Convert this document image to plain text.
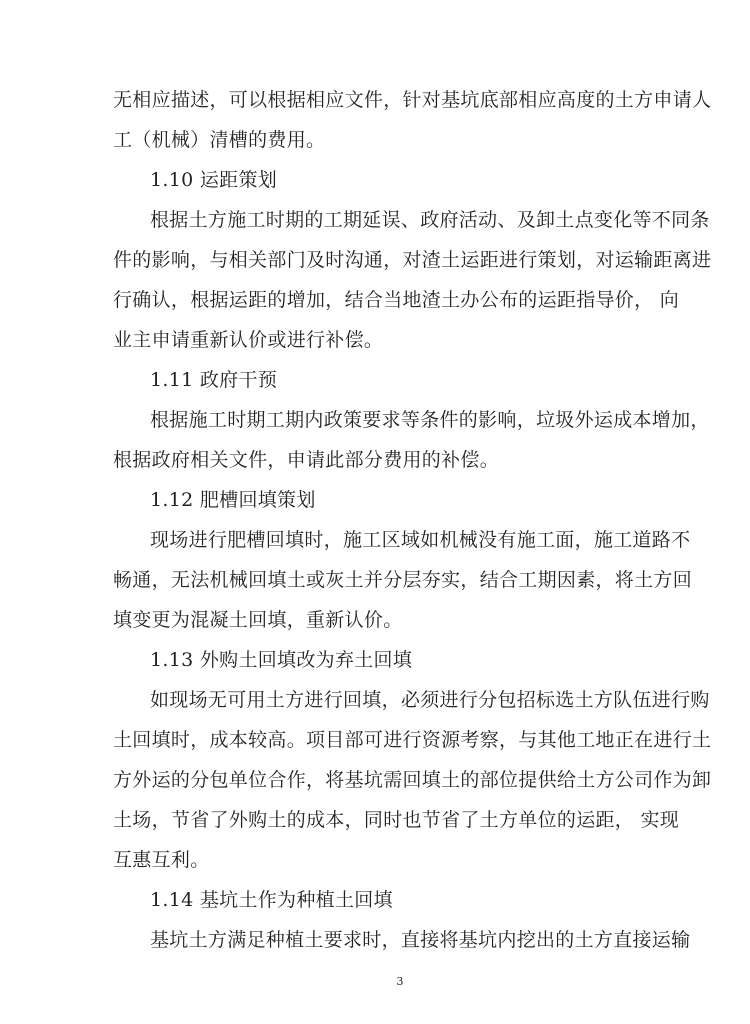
无相应描述，可以根据相应文件，针对基坑底部相应高度的土方申请人
工（机械）清槽的费用。
1.10 运距策划
根据土方施工时期的工期延误、政府活动、及卸土点变化等不同条
件的影响，与相关部门及时沟通，对渣土运距进行策划，对运输距离进
行确认，根据运距的增加，结合当地渣土办公布的运距指导价， 向
业主申请重新认价或进行补偿。
1.11 政府干预
根据施工时期工期内政策要求等条件的影响，垃圾外运成本增加，
根据政府相关文件，申请此部分费用的补偿。
1.12 肥槽回填策划
现场进行肥槽回填时，施工区域如机械没有施工面，施工道路不
畅通，无法机械回填土或灰土并分层夯实，结合工期因素，将土方回
填变更为混凝土回填，重新认价。
1.13 外购土回填改为弃土回填
如现场无可用土方进行回填，必须进行分包招标选土方队伍进行购
土回填时，成本较高。项目部可进行资源考察，与其他工地正在进行土
方外运的分包单位合作，将基坑需回填土的部位提供给土方公司作为卸
土场，节省了外购土的成本，同时也节省了土方单位的运距， 实现
互惠互利。
1.14 基坑土作为种植土回填
基坑土方满足种植土要求时，直接将基坑内挖出的土方直接运输
3
